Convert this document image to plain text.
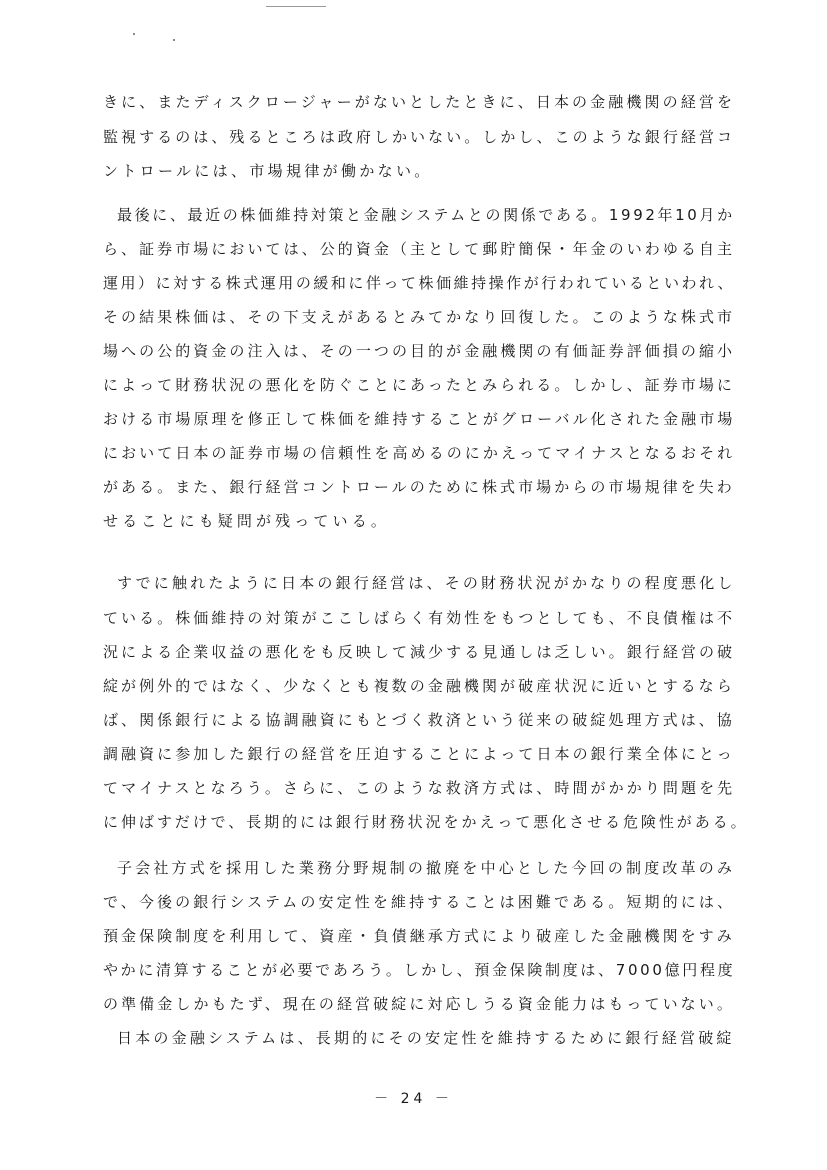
きに、またディスクロージャーがないとしたときに、日本の金融機関の経営を
監視するのは、残るところは政府しかいない。しかし、このような銀行経営コ
ントロールには、市場規律が働かない。
最後に、最近の株価維持対策と金融システムとの関係である。1992年10月か
ら、証券市場においては、公的資金（主として郵貯簡保・年金のいわゆる自主
運用）に対する株式運用の緩和に伴って株価維持操作が行われているといわれ、
その結果株価は、その下支えがあるとみてかなり回復した。このような株式市
場への公的資金の注入は、その一つの目的が金融機関の有価証券評価損の縮小
によって財務状況の悪化を防ぐことにあったとみられる。しかし、証券市場に
おける市場原理を修正して株価を維持することがグローバル化された金融市場
において日本の証券市場の信頼性を高めるのにかえってマイナスとなるおそれ
がある。また、銀行経営コントロールのために株式市場からの市場規律を失わ
せることにも疑問が残っている。
すでに触れたように日本の銀行経営は、その財務状況がかなりの程度悪化し
ている。株価維持の対策がここしばらく有効性をもつとしても、不良債権は不
況による企業収益の悪化をも反映して減少する見通しは乏しい。銀行経営の破
綻が例外的ではなく、少なくとも複数の金融機関が破産状況に近いとするなら
ば、関係銀行による協調融資にもとづく救済という従来の破綻処理方式は、協
調融資に参加した銀行の経営を圧迫することによって日本の銀行業全体にとっ
てマイナスとなろう。さらに、このような救済方式は、時間がかかり問題を先
に伸ばすだけで、長期的には銀行財務状況をかえって悪化させる危険性がある。
子会社方式を採用した業務分野規制の撤廃を中心とした今回の制度改革のみ
で、今後の銀行システムの安定性を維持することは困難である。短期的には、
預金保険制度を利用して、資産・負債継承方式により破産した金融機関をすみ
やかに清算することが必要であろう。しかし、預金保険制度は、7000億円程度
の準備金しかもたず、現在の経営破綻に対応しうる資金能力はもっていない。
日本の金融システムは、長期的にその安定性を維持するために銀行経営破綻
－ 24 －
